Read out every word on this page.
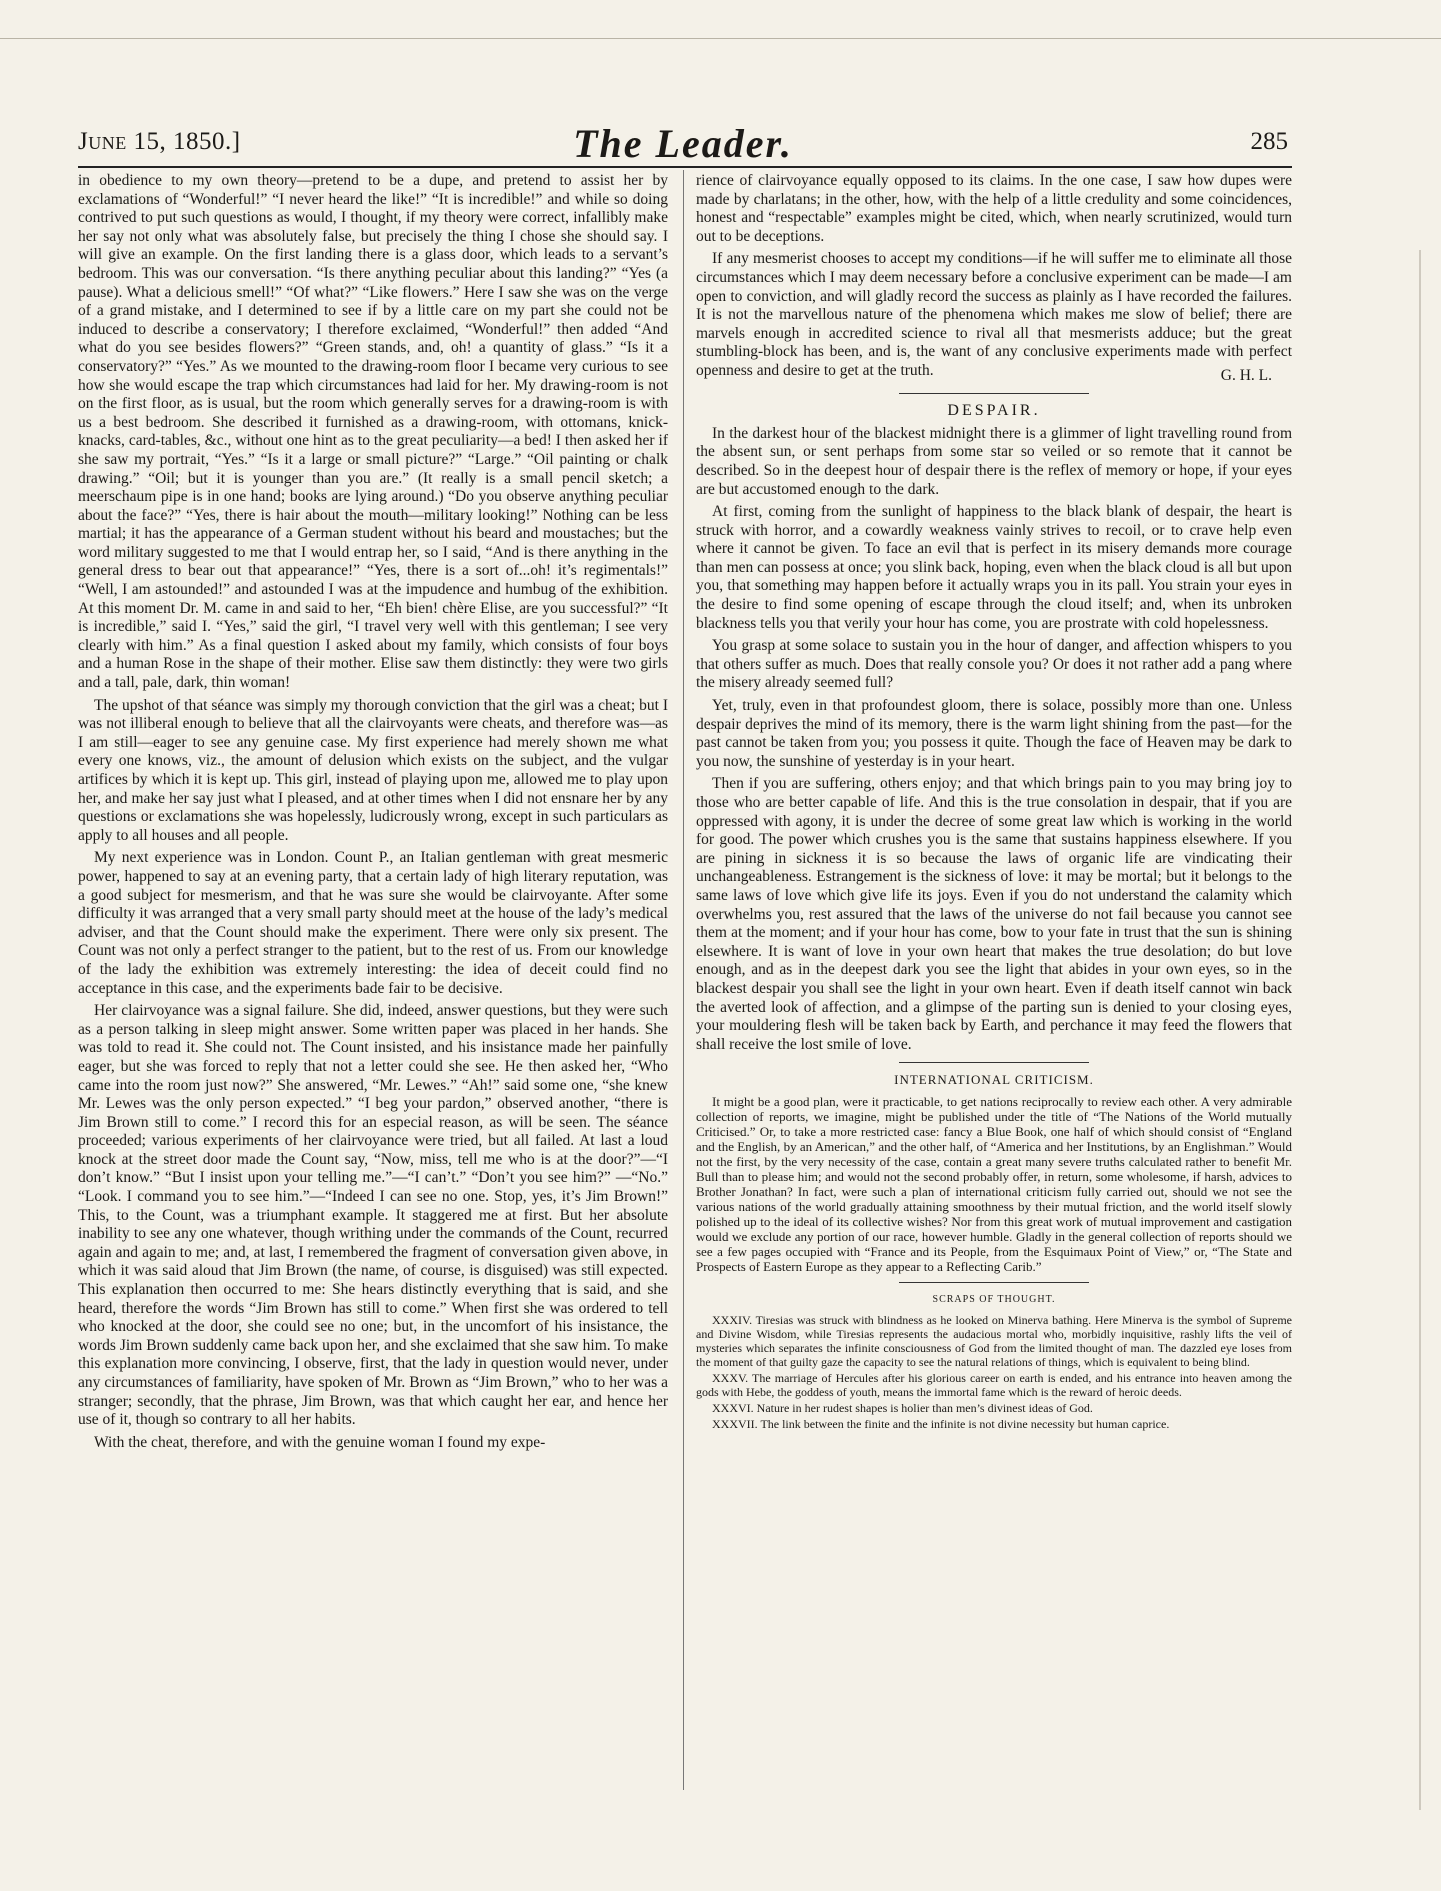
June 15, 1850.]	The Leader.	285

in obedience to my own theory—pretend to be a dupe, and pretend to assist her by exclamations of “Wonderful!” “I never heard the like!” “It is incredible!” and while so doing contrived to put such questions as would, I thought, if my theory were correct, infallibly make her say not only what was absolutely false, but precisely the thing I chose she should say. I will give an example. On the first landing there is a glass door, which leads to a servant’s bedroom. This was our conversation. “Is there anything peculiar about this landing?” “Yes (a pause). What a delicious smell!” “Of what?” “Like flowers.” Here I saw she was on the verge of a grand mistake, and I determined to see if by a little care on my part she could not be induced to describe a conservatory; I therefore exclaimed, “Wonderful!” then added “And what do you see besides flowers?” “Green stands, and, oh! a quantity of glass.” “Is it a conservatory?” “Yes.” As we mounted to the drawing-room floor I became very curious to see how she would escape the trap which circumstances had laid for her. My drawing-room is not on the first floor, as is usual, but the room which generally serves for a drawing-room is with us a best bedroom. She described it furnished as a drawing-room, with ottomans, knick-knacks, card-tables, &c., without one hint as to the great peculiarity—a bed! I then asked her if she saw my portrait, “Yes.” “Is it a large or small picture?” “Large.” “Oil painting or chalk drawing.” “Oil; but it is younger than you are.” (It really is a small pencil sketch; a meerschaum pipe is in one hand; books are lying around.) “Do you observe anything peculiar about the face?” “Yes, there is hair about the mouth—military looking!” Nothing can be less martial; it has the appearance of a German student without his beard and moustaches; but the word military suggested to me that I would entrap her, so I said, “And is there anything in the general dress to bear out that appearance!” “Yes, there is a sort of...oh! it’s regimentals!” “Well, I am astounded!” and astounded I was at the impudence and humbug of the exhibition. At this moment Dr. M. came in and said to her, “Eh bien! chère Elise, are you successful?” “It is incredible,” said I. “Yes,” said the girl, “I travel very well with this gentleman; I see very clearly with him.” As a final question I asked about my family, which consists of four boys and a human Rose in the shape of their mother. Elise saw them distinctly: they were two girls and a tall, pale, dark, thin woman!

The upshot of that séance was simply my thorough conviction that the girl was a cheat; but I was not illiberal enough to believe that all the clairvoyants were cheats, and therefore was—as I am still—eager to see any genuine case. My first experience had merely shown me what every one knows, viz., the amount of delusion which exists on the subject, and the vulgar artifices by which it is kept up. This girl, instead of playing upon me, allowed me to play upon her, and make her say just what I pleased, and at other times when I did not ensnare her by any questions or exclamations she was hopelessly, ludicrously wrong, except in such particulars as apply to all houses and all people.

My next experience was in London. Count P., an Italian gentleman with great mesmeric power, happened to say at an evening party, that a certain lady of high literary reputation, was a good subject for mesmerism, and that he was sure she would be clairvoyante. After some difficulty it was arranged that a very small party should meet at the house of the lady’s medical adviser, and that the Count should make the experiment. There were only six present. The Count was not only a perfect stranger to the patient, but to the rest of us. From our knowledge of the lady the exhibition was extremely interesting: the idea of deceit could find no acceptance in this case, and the experiments bade fair to be decisive.

Her clairvoyance was a signal failure. She did, indeed, answer questions, but they were such as a person talking in sleep might answer. Some written paper was placed in her hands. She was told to read it. She could not. The Count insisted, and his insistance made her painfully eager, but she was forced to reply that not a letter could she see. He then asked her, “Who came into the room just now?” She answered, “Mr. Lewes.” “Ah!” said some one, “she knew Mr. Lewes was the only person expected.” “I beg your pardon,” observed another, “there is Jim Brown still to come.” I record this for an especial reason, as will be seen. The séance proceeded; various experiments of her clairvoyance were tried, but all failed. At last a loud knock at the street door made the Count say, “Now, miss, tell me who is at the door?”—“I don’t know.” “But I insist upon your telling me.”—“I can’t.” “Don’t you see him?” —“No.” “Look. I command you to see him.”—“Indeed I can see no one. Stop, yes, it’s Jim Brown!” This, to the Count, was a triumphant example. It staggered me at first. But her absolute inability to see any one whatever, though writhing under the commands of the Count, recurred again and again to me; and, at last, I remembered the fragment of conversation given above, in which it was said aloud that Jim Brown (the name, of course, is disguised) was still expected. This explanation then occurred to me: She hears distinctly everything that is said, and she heard, therefore the words “Jim Brown has still to come.” When first she was ordered to tell who knocked at the door, she could see no one; but, in the uncomfort of his insistance, the words Jim Brown suddenly came back upon her, and she exclaimed that she saw him. To make this explanation more convincing, I observe, first, that the lady in question would never, under any circumstances of familiarity, have spoken of Mr. Brown as “Jim Brown,” who to her was a stranger; secondly, that the phrase, Jim Brown, was that which caught her ear, and hence her use of it, though so contrary to all her habits.

With the cheat, therefore, and with the genuine woman I found my expe-

rience of clairvoyance equally opposed to its claims. In the one case, I saw how dupes were made by charlatans; in the other, how, with the help of a little credulity and some coincidences, honest and “respectable” examples might be cited, which, when nearly scrutinized, would turn out to be deceptions.

If any mesmerist chooses to accept my conditions—if he will suffer me to eliminate all those circumstances which I may deem necessary before a conclusive experiment can be made—I am open to conviction, and will gladly record the success as plainly as I have recorded the failures. It is not the marvellous nature of the phenomena which makes me slow of belief; there are marvels enough in accredited science to rival all that mesmerists adduce; but the great stumbling-block has been, and is, the want of any conclusive experiments made with perfect openness and desire to get at the truth.	G. H. L.
DESPAIR.

In the darkest hour of the blackest midnight there is a glimmer of light travelling round from the absent sun, or sent perhaps from some star so veiled or so remote that it cannot be described. So in the deepest hour of despair there is the reflex of memory or hope, if your eyes are but accustomed enough to the dark.

At first, coming from the sunlight of happiness to the black blank of despair, the heart is struck with horror, and a cowardly weakness vainly strives to recoil, or to crave help even where it cannot be given. To face an evil that is perfect in its misery demands more courage than men can possess at once; you slink back, hoping, even when the black cloud is all but upon you, that something may happen before it actually wraps you in its pall. You strain your eyes in the desire to find some opening of escape through the cloud itself; and, when its unbroken blackness tells you that verily your hour has come, you are prostrate with cold hopelessness.

You grasp at some solace to sustain you in the hour of danger, and affection whispers to you that others suffer as much. Does that really console you? Or does it not rather add a pang where the misery already seemed full?

Yet, truly, even in that profoundest gloom, there is solace, possibly more than one. Unless despair deprives the mind of its memory, there is the warm light shining from the past—for the past cannot be taken from you; you possess it quite. Though the face of Heaven may be dark to you now, the sunshine of yesterday is in your heart.

Then if you are suffering, others enjoy; and that which brings pain to you may bring joy to those who are better capable of life. And this is the true consolation in despair, that if you are oppressed with agony, it is under the decree of some great law which is working in the world for good. The power which crushes you is the same that sustains happiness elsewhere. If you are pining in sickness it is so because the laws of organic life are vindicating their unchangeableness. Estrangement is the sickness of love: it may be mortal; but it belongs to the same laws of love which give life its joys. Even if you do not understand the calamity which overwhelms you, rest assured that the laws of the universe do not fail because you cannot see them at the moment; and if your hour has come, bow to your fate in trust that the sun is shining elsewhere. It is want of love in your own heart that makes the true desolation; do but love enough, and as in the deepest dark you see the light that abides in your own eyes, so in the blackest despair you shall see the light in your own heart. Even if death itself cannot win back the averted look of affection, and a glimpse of the parting sun is denied to your closing eyes, your mouldering flesh will be taken back by Earth, and perchance it may feed the flowers that shall receive the lost smile of love.

INTERNATIONAL CRITICISM.

It might be a good plan, were it practicable, to get nations reciprocally to review each other. A very admirable collection of reports, we imagine, might be published under the title of “The Nations of the World mutually Criticised.” Or, to take a more restricted case: fancy a Blue Book, one half of which should consist of “England and the English, by an American,” and the other half, of “America and her Institutions, by an Englishman.” Would not the first, by the very necessity of the case, contain a great many severe truths calculated rather to benefit Mr. Bull than to please him; and would not the second probably offer, in return, some wholesome, if harsh, advices to Brother Jonathan? In fact, were such a plan of international criticism fully carried out, should we not see the various nations of the world gradually attaining smoothness by their mutual friction, and the world itself slowly polished up to the ideal of its collective wishes? Nor from this great work of mutual improvement and castigation would we exclude any portion of our race, however humble. Gladly in the general collection of reports should we see a few pages occupied with “France and its People, from the Esquimaux Point of View,” or, “The State and Prospects of Eastern Europe as they appear to a Reflecting Carib.”

SCRAPS OF THOUGHT.

XXXIV. Tiresias was struck with blindness as he looked on Minerva bathing. Here Minerva is the symbol of Supreme and Divine Wisdom, while Tiresias represents the audacious mortal who, morbidly inquisitive, rashly lifts the veil of mysteries which separates the infinite consciousness of God from the limited thought of man. The dazzled eye loses from the moment of that guilty gaze the capacity to see the natural relations of things, which is equivalent to being blind.

XXXV. The marriage of Hercules after his glorious career on earth is ended, and his entrance into heaven among the gods with Hebe, the goddess of youth, means the immortal fame which is the reward of heroic deeds.

XXXVI. Nature in her rudest shapes is holier than men’s divinest ideas of God.

XXXVII. The link between the finite and the infinite is not divine necessity but human caprice.
